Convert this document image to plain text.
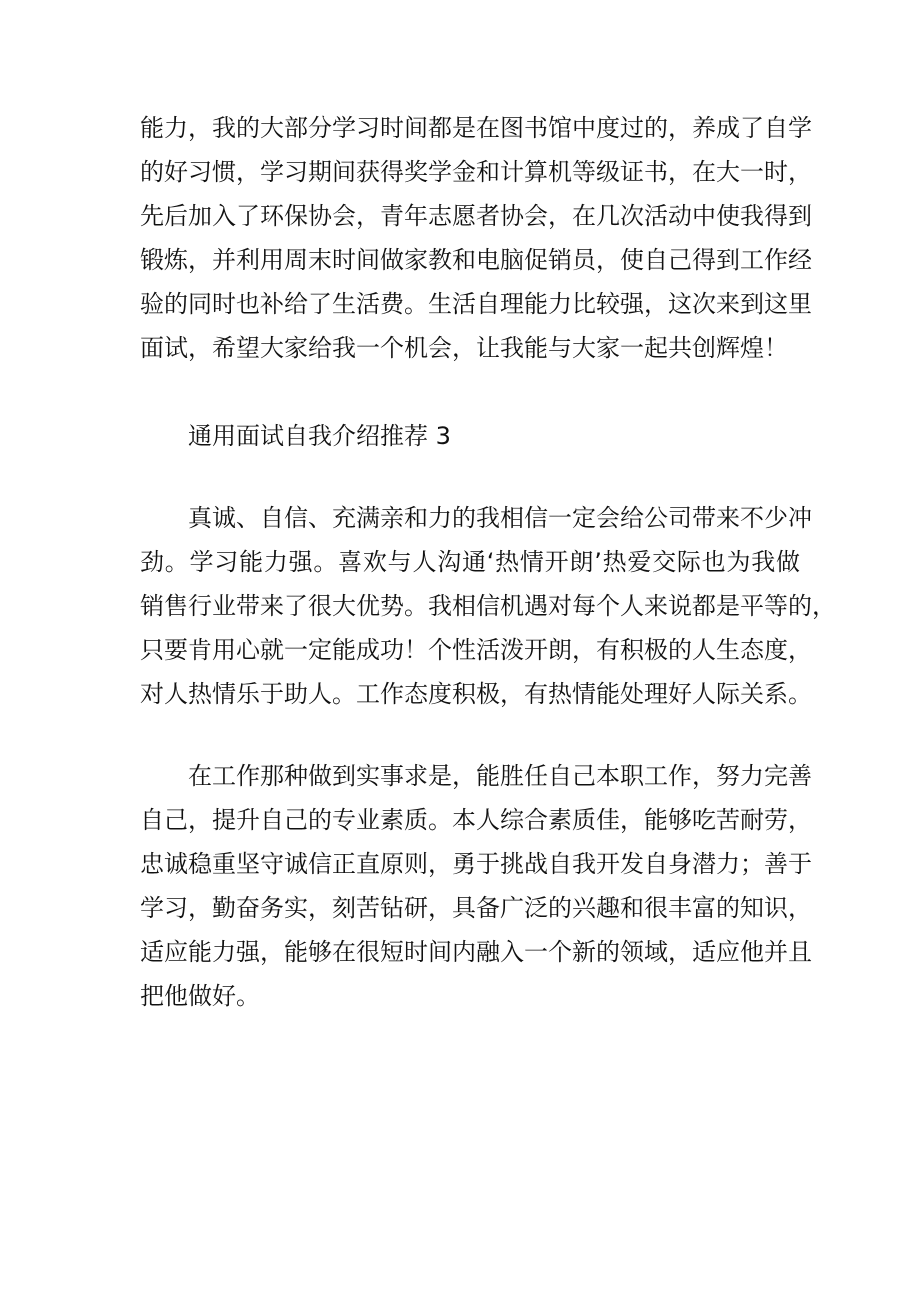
能力，我的大部分学习时间都是在图书馆中度过的，养成了自学
的好习惯，学习期间获得奖学金和计算机等级证书，在大一时，
先后加入了环保协会，青年志愿者协会，在几次活动中使我得到
锻炼，并利用周末时间做家教和电脑促销员，使自己得到工作经
验的同时也补给了生活费。生活自理能力比较强，这次来到这里
面试，希望大家给我一个机会，让我能与大家一起共创辉煌！
通用面试自我介绍推荐 3
真诚、自信、充满亲和力的我相信一定会给公司带来不少冲
劲。学习能力强。喜欢与人沟通‘热情开朗’热爱交际也为我做
销售行业带来了很大优势。我相信机遇对每个人来说都是平等的，
只要肯用心就一定能成功！个性活泼开朗，有积极的人生态度，
对人热情乐于助人。工作态度积极，有热情能处理好人际关系。
在工作那种做到实事求是，能胜任自己本职工作，努力完善
自己，提升自己的专业素质。本人综合素质佳，能够吃苦耐劳，
忠诚稳重坚守诚信正直原则，勇于挑战自我开发自身潜力；善于
学习，勤奋务实，刻苦钻研，具备广泛的兴趣和很丰富的知识，
适应能力强，能够在很短时间内融入一个新的领域，适应他并且
把他做好。
